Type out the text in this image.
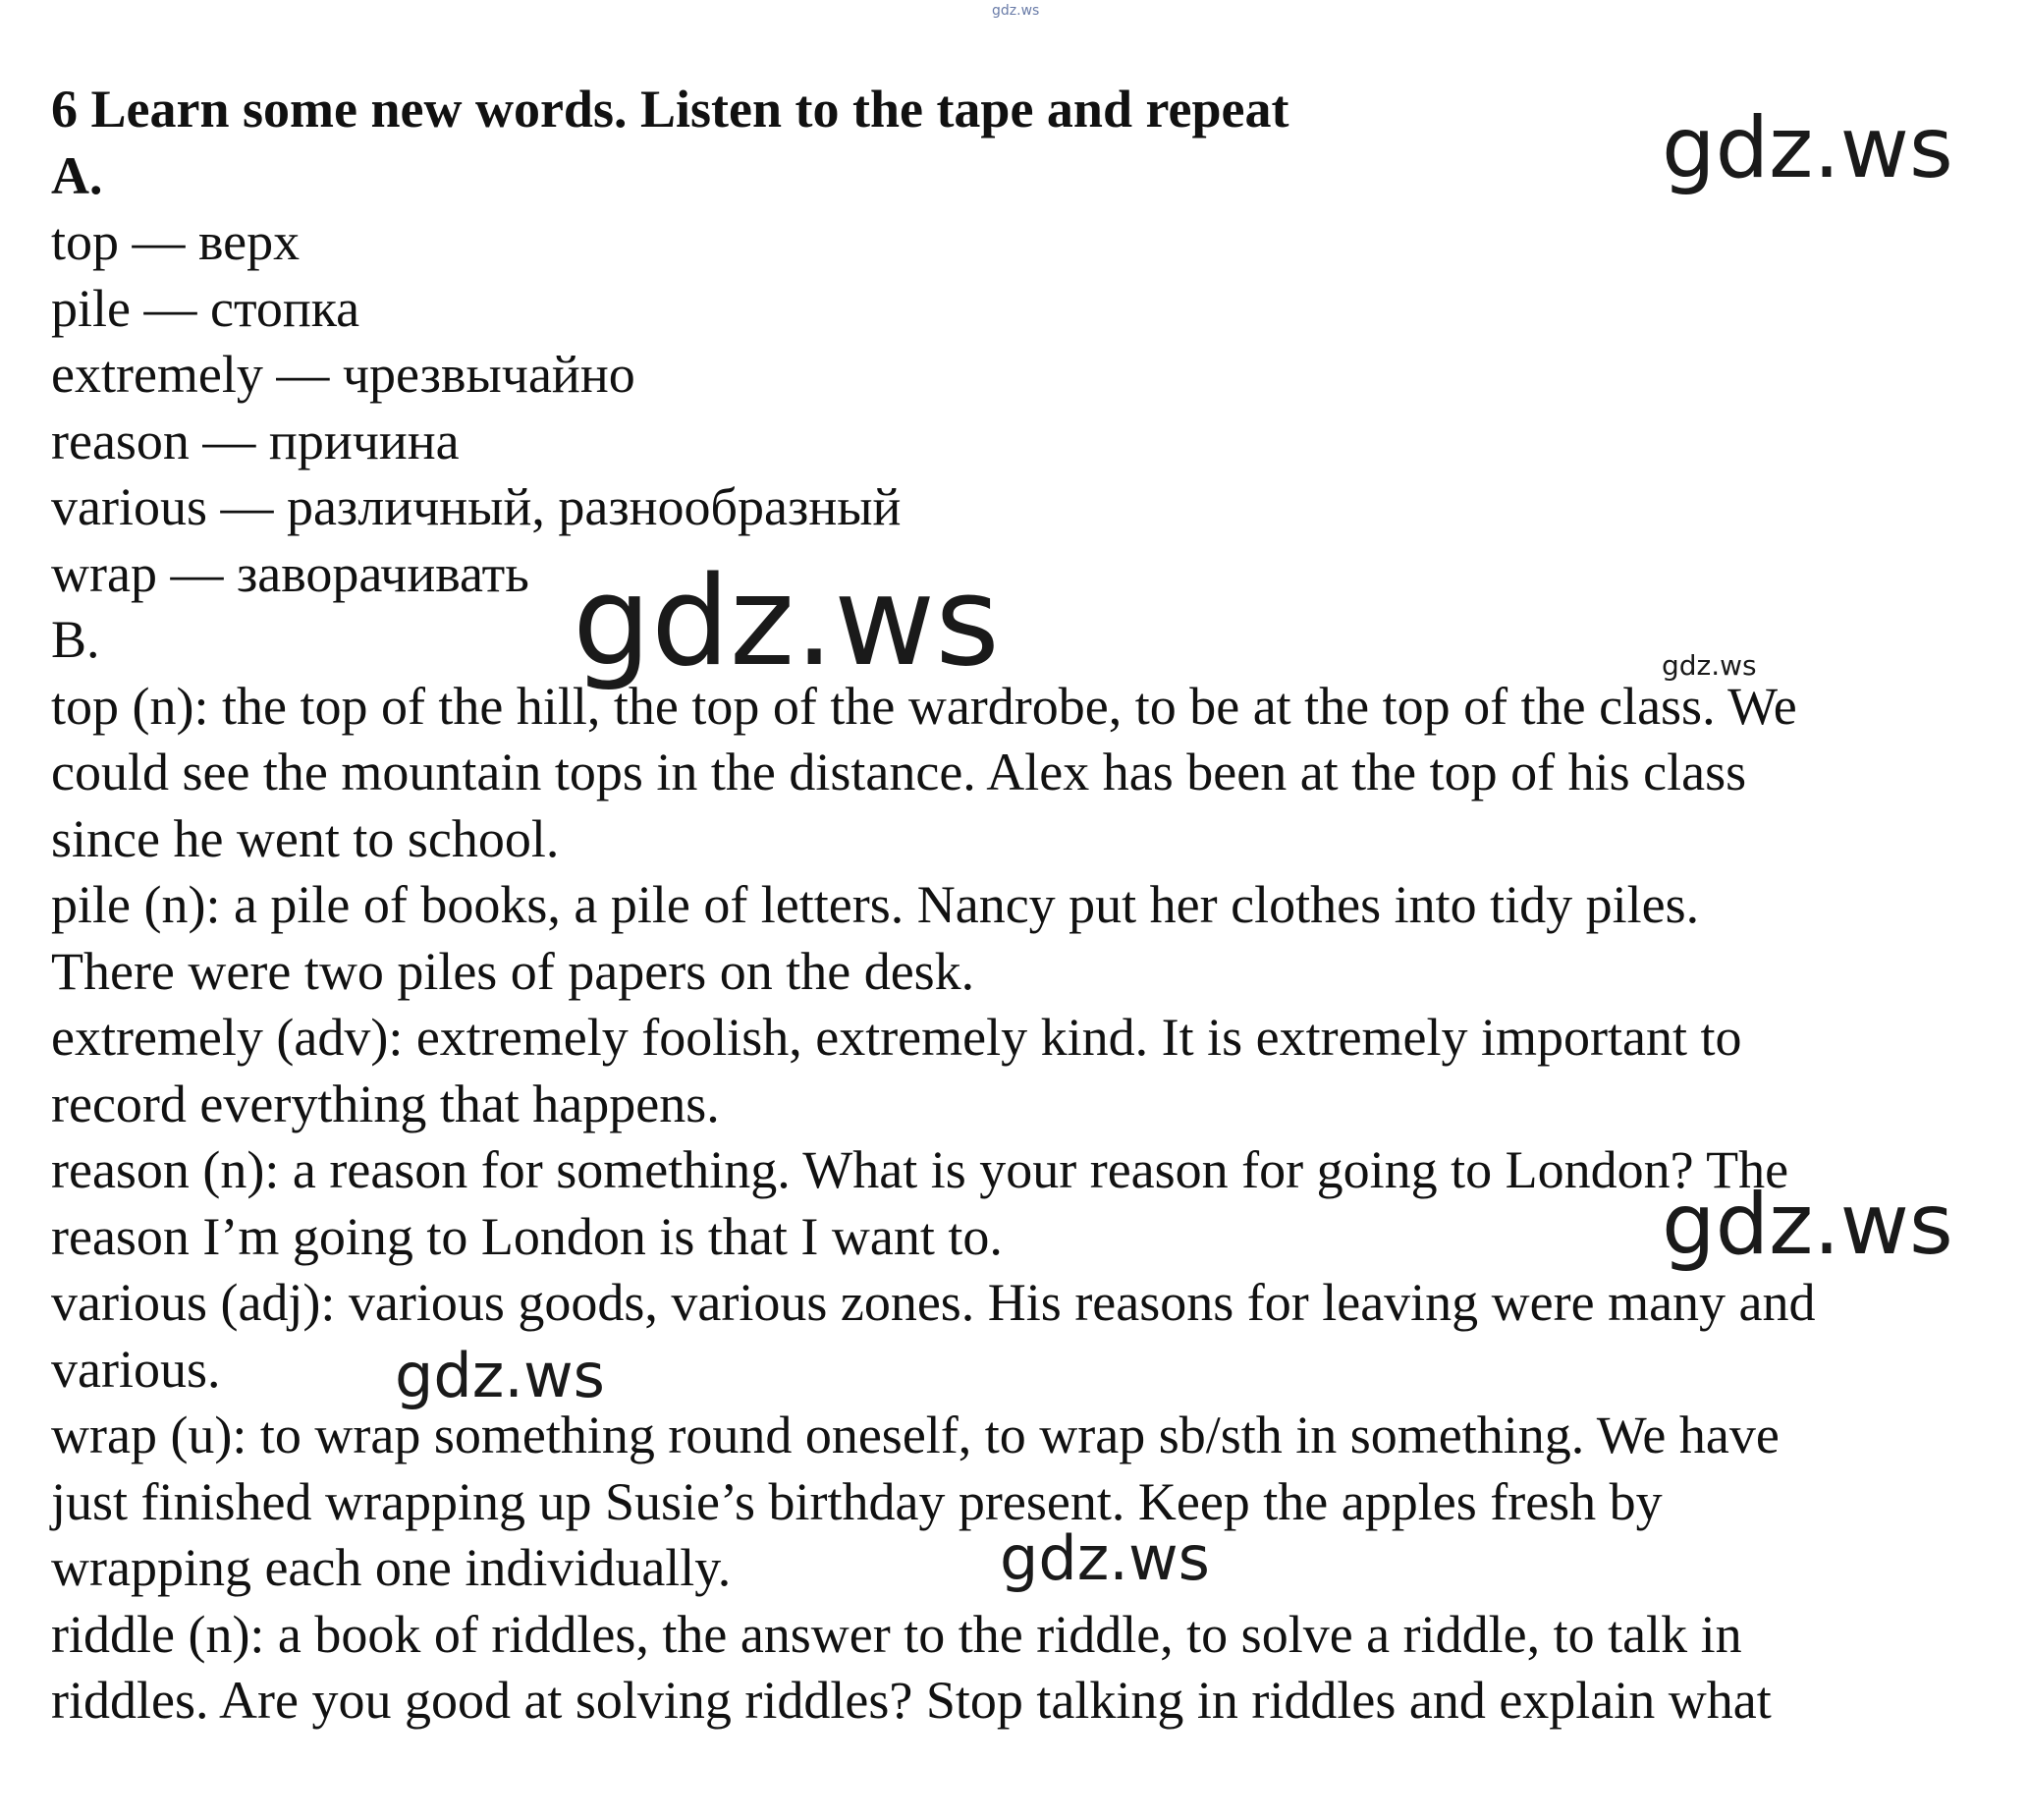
gdz.ws
gdz.ws
gdz.ws	gdz.ws
gdz.ws
gdz.ws
gdz.ws

6 Learn some new words. Listen to the tape and repeat

A.

top — верх

pile — стопка

extremely — чрезвычайно

reason — причина

various — различный, разнообразный

wrap — заворачивать

B.

top (n): the top of the hill, the top of the wardrobe, to be at the top of the class. We

could see the mountain tops in the distance. Alex has been at the top of his class

since he went to school.

pile (n): a pile of books, a pile of letters. Nancy put her clothes into tidy piles.

There were two piles of papers on the desk.

extremely (adv): extremely foolish, extremely kind. It is extremely important to

record everything that happens.

reason (n): a reason for something. What is your reason for going to London? The

reason I’m going to London is that I want to.

various (adj): various goods, various zones. His reasons for leaving were many and

various.

wrap (u): to wrap something round oneself, to wrap sb/sth in something. We have

just finished wrapping up Susie’s birthday present. Keep the apples fresh by

wrapping each one individually.

riddle (n): a book of riddles, the answer to the riddle, to solve a riddle, to talk in

riddles. Are you good at solving riddles? Stop talking in riddles and explain what
